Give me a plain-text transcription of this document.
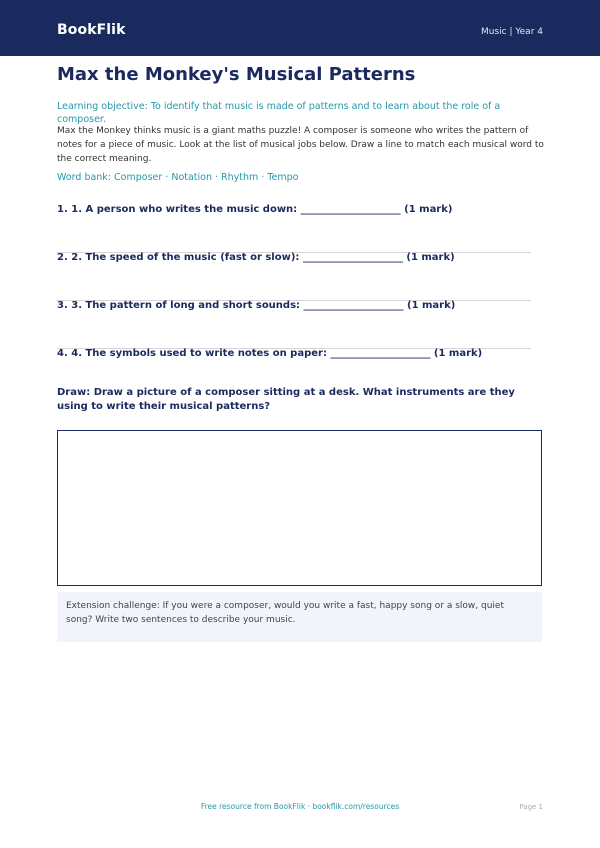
BookFlik	Music | Year 4
Max the Monkey's Musical Patterns
Learning objective: To identify that music is made of patterns and to learn about the role of a composer.
Max the Monkey thinks music is a giant maths puzzle! A composer is someone who writes the pattern of notes for a piece of music. Look at the list of musical jobs below. Draw a line to match each musical word to the correct meaning.
Word bank: Composer · Notation · Rhythm · Tempo
1. 1. A person who writes the music down: ____________________ (1 mark)
2. 2. The speed of the music (fast or slow): ____________________ (1 mark)
3. 3. The pattern of long and short sounds: ____________________ (1 mark)
4. 4. The symbols used to write notes on paper: ____________________ (1 mark)
Draw: Draw a picture of a composer sitting at a desk. What instruments are they using to write their musical patterns?
Extension challenge: If you were a composer, would you write a fast, happy song or a slow, quiet song? Write two sentences to describe your music.
Free resource from BookFlik · bookflik.com/resources	Page 1
